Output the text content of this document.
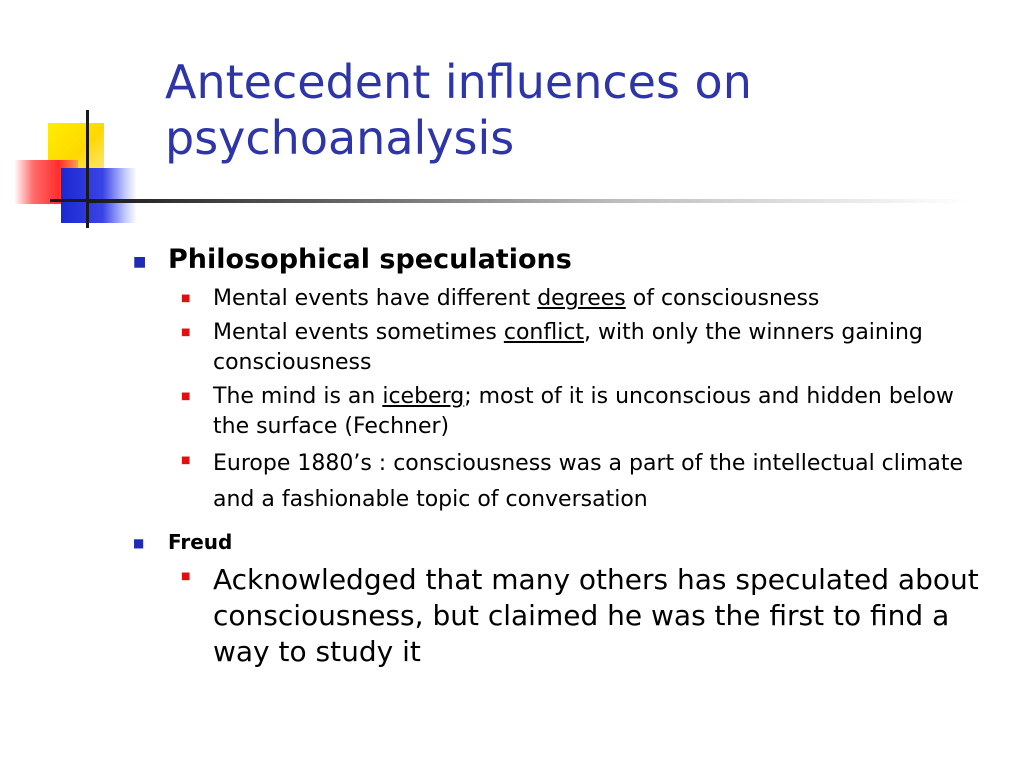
Antecedent influences on psychoanalysis
■ Philosophical speculations
■ Mental events have different degrees of consciousness
■ Mental events sometimes conflict, with only the winners gaining consciousness
■ The mind is an iceberg; most of it is unconscious and hidden below the surface (Fechner)
■ Europe 1880’s : consciousness was a part of the intellectual climate and a fashionable topic of conversation
■ Freud
■ Acknowledged that many others has speculated about consciousness, but claimed he was the first to find a way to study it
